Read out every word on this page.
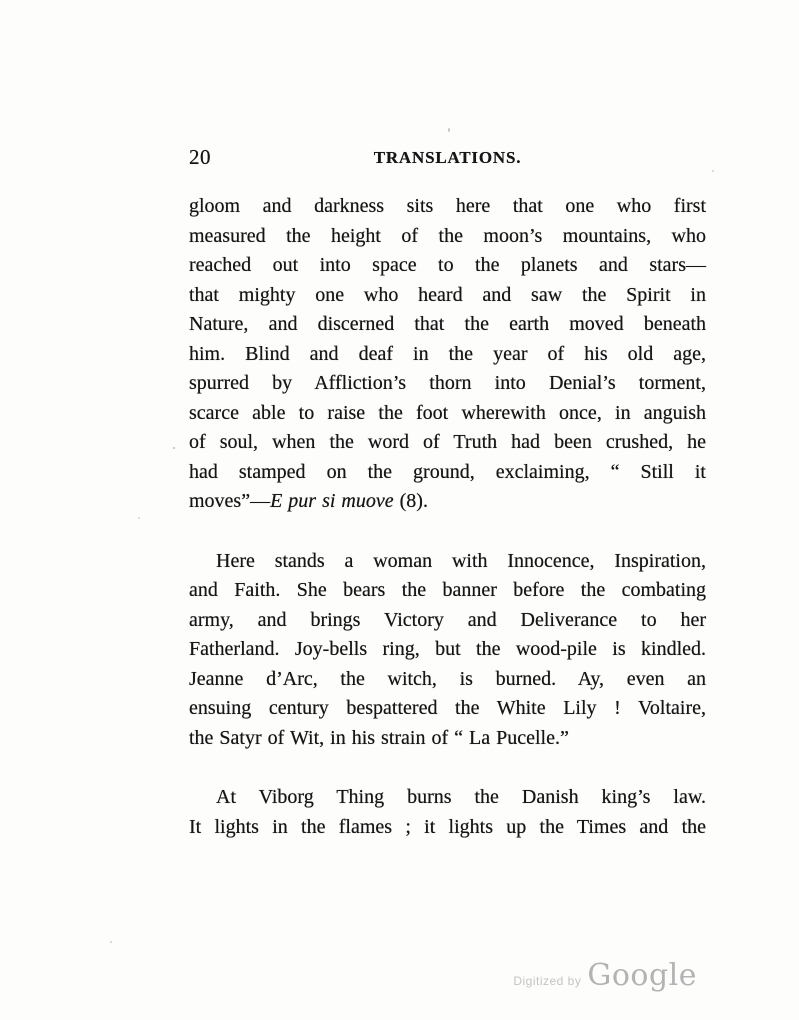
20	TRANSLATIONS.
gloom and darkness sits here that one who first
measured the height of the moon’s mountains, who
reached out into space to the planets and stars—
that mighty one who heard and saw the Spirit in
Nature, and discerned that the earth moved beneath
him. Blind and deaf in the year of his old age,
spurred by Affliction’s thorn into Denial’s torment,
scarce able to raise the foot wherewith once, in anguish
of soul, when the word of Truth had been crushed, he
had stamped on the ground, exclaiming, “ Still it
moves”—E pur si muove (8).
Here stands a woman with Innocence, Inspiration,
and Faith. She bears the banner before the combating
army, and brings Victory and Deliverance to her
Fatherland. Joy-bells ring, but the wood-pile is kindled.
Jeanne d’Arc, the witch, is burned. Ay, even an
ensuing century bespattered the White Lily ! Voltaire,
the Satyr of Wit, in his strain of “ La Pucelle.”
At Viborg Thing burns the Danish king’s law.
It lights in the flames ; it lights up the Times and the
Digitized by Google
